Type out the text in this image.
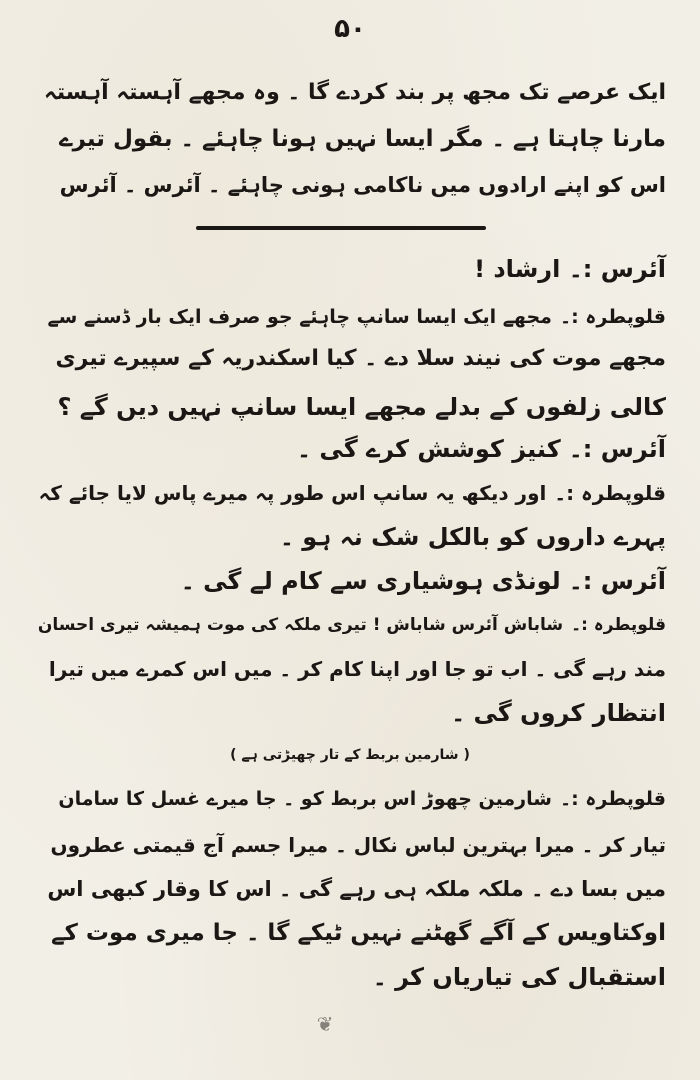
۵۰
ایک عرصے تک مجھ پر بند کردے گا ۔ وہ مجھے آہستہ آہستہ
مارنا چاہتا ہے ۔ مگر ایسا نہیں ہونا چاہئے ۔ بقول تیرے
اس کو اپنے ارادوں میں ناکامی ہونی چاہئے ۔ آئرس ۔ آئرس
آئرس :۔ ارشاد !
قلوپطرہ :۔مجھے ایک ایسا سانپ چاہئے جو صرف ایک بار ڈسنے سے
مجھے موت کی نیند سلا دے ۔ کیا اسکندریہ کے سپیرے تیری
کالی زلفوں کے بدلے مجھے ایسا سانپ نہیں دیں گے ؟
آئرس :۔کنیز کوشش کرے گی ۔
قلوپطرہ :۔اور دیکھ یہ سانپ اس طور پہ میرے پاس لایا جائے کہ
پہرے داروں کو بالکل شک نہ ہو ۔
آئرس :۔لونڈی ہوشیاری سے کام لے گی ۔
قلوپطرہ :۔شاباش آئرس شاباش ! تیری ملکہ کی موت ہمیشہ تیری احسان
مند رہے گی ۔ اب تو جا اور اپنا کام کر ۔ میں اس کمرے میں تیرا
انتظار کروں گی ۔
( شارمین بربط کے تار چھیڑتی ہے )
قلوپطرہ :۔شارمین چھوڑ اس بربط کو ۔ جا میرے غسل کا سامان
تیار کر ۔ میرا بہترین لباس نکال ۔ میرا جسم آج قیمتی عطروں
میں بسا دے ۔ ملکہ ملکہ ہی رہے گی ۔ اس کا وقار کبھی اس
اوکتاویس کے آگے گھٹنے نہیں ٹیکے گا ۔ جا میری موت کے
استقبال کی تیاریاں کر ۔
❦
